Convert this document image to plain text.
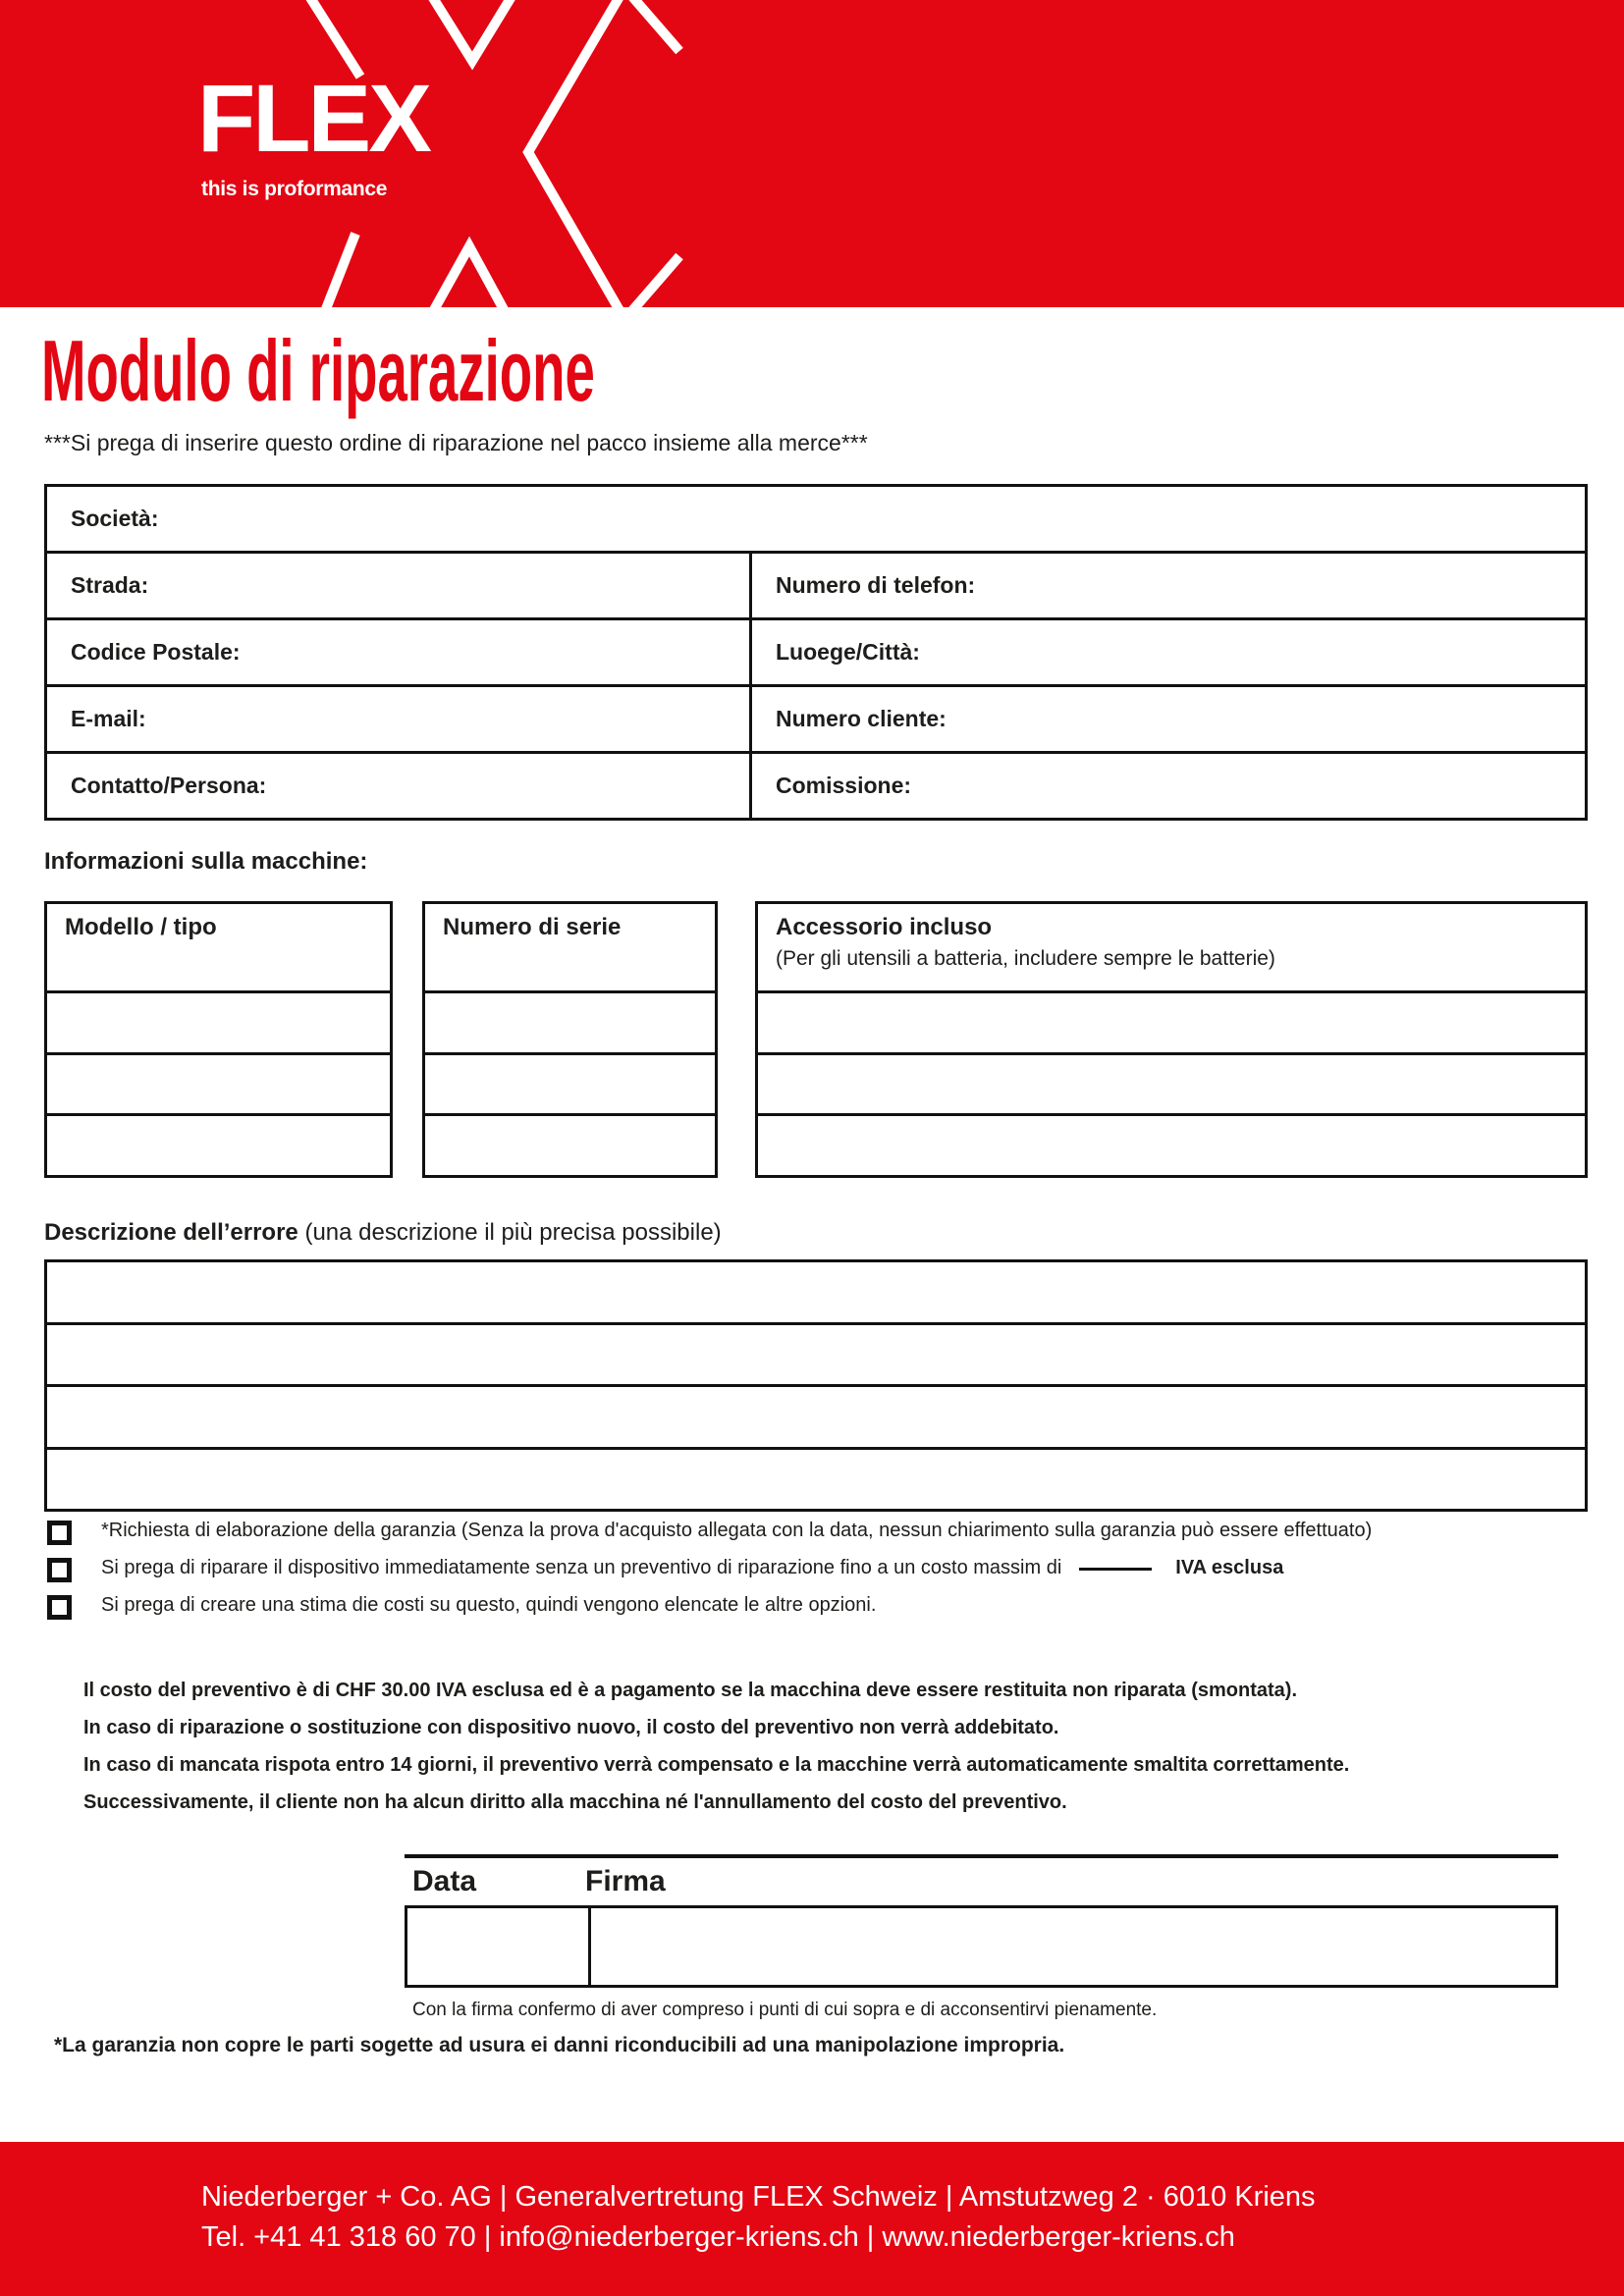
FLEX
this is proformance
Modulo di riparazione
***Si prega di inserire questo ordine di riparazione nel pacco insieme alla merce***
Società:
Strada:	Numero di telefon:
Codice Postale:	Luoege/Città:
E-mail:	Numero cliente:
Contatto/Persona:	Comissione:
Informazioni sulla macchine:
Modello / tipo	Numero di serie	Accessorio incluso
(Per gli utensili a batteria, includere sempre le batterie)
Descrizione dell’errore (una descrizione il più precisa possibile)
*Richiesta di elaborazione della garanzia (Senza la prova d'acquisto allegata con la data, nessun chiarimento sulla garanzia può essere effettuato)
Si prega di riparare il dispositivo immediatamente senza un preventivo di riparazione fino a un costo massim di	IVA esclusa
Si prega di creare una stima die costi su questo, quindi vengono elencate le altre opzioni.
Il costo del preventivo è di CHF 30.00 IVA esclusa ed è a pagamento se la macchina deve essere restituita non riparata (smontata).
In caso di riparazione o sostituzione con dispositivo nuovo, il costo del preventivo non verrà addebitato.
In caso di mancata rispota entro 14 giorni, il preventivo verrà compensato e la macchine verrà automaticamente smaltita correttamente.
Successivamente, il cliente non ha alcun diritto alla macchina né l'annullamento del costo del preventivo.
Data	Firma
Con la firma confermo di aver compreso i punti di cui sopra e di acconsentirvi pienamente.
*La garanzia non copre le parti sogette ad usura ei danni riconducibili ad una manipolazione impropria.
Niederberger + Co. AG | Generalvertretung FLEX Schweiz | Amstutzweg 2 · 6010 Kriens
Tel. +41 41 318 60 70 | info@niederberger-kriens.ch | www.niederberger-kriens.ch
